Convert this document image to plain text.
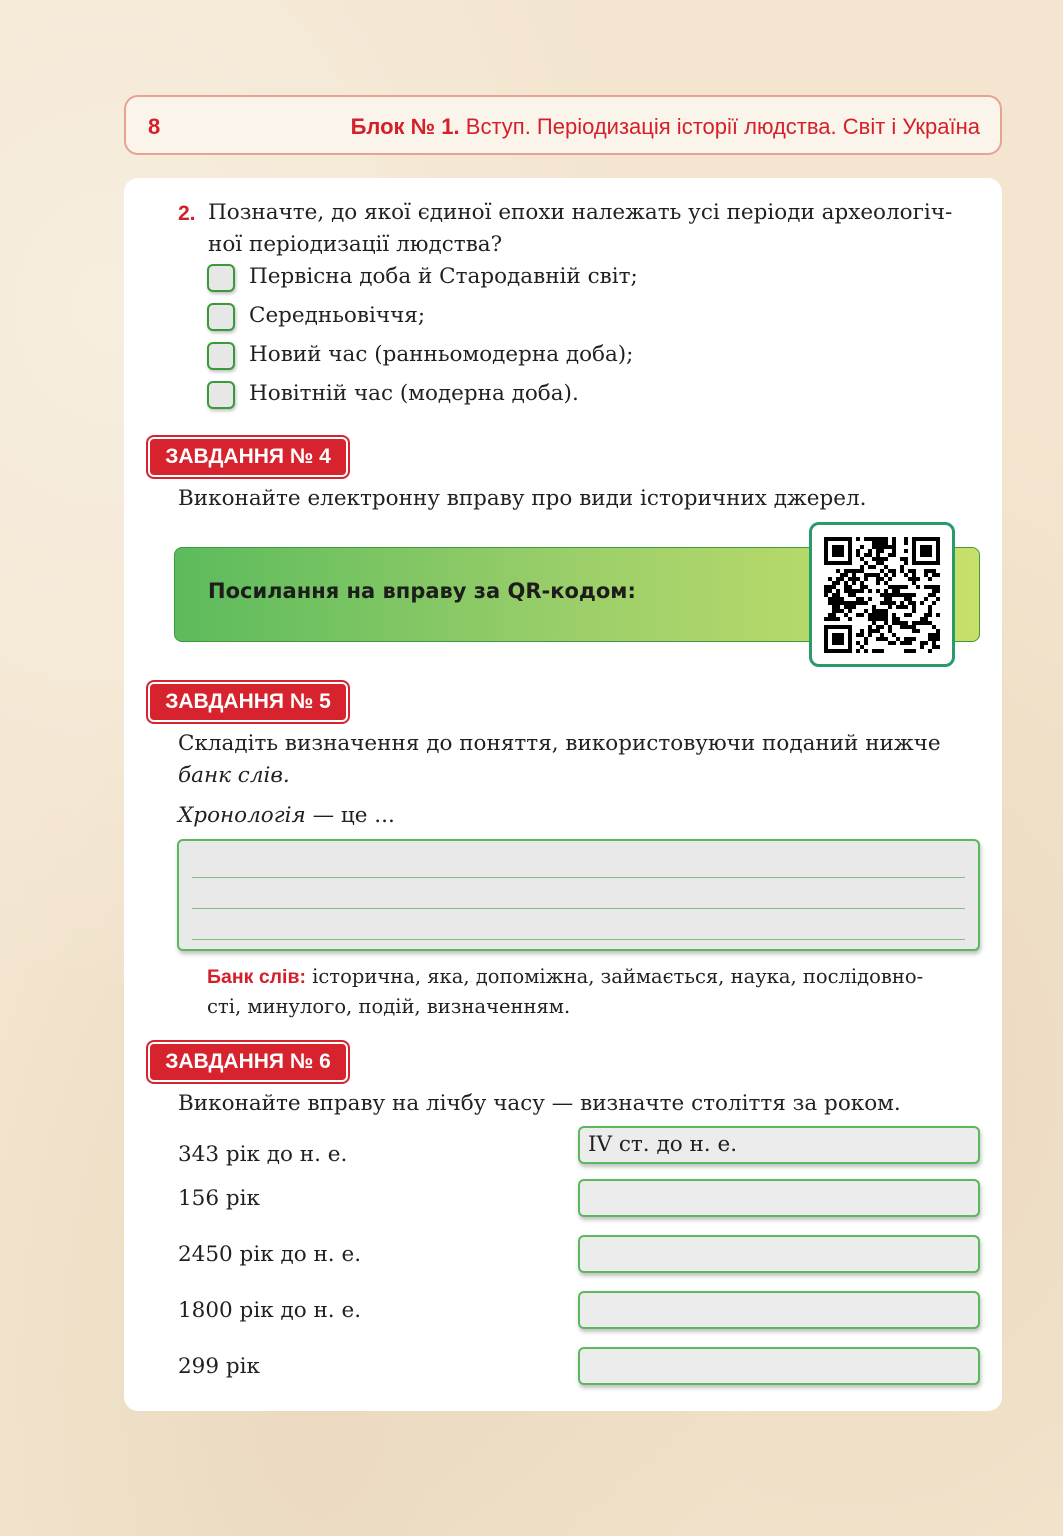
8	Блок № 1. Вступ. Періодизація історії людства. Світ і Україна
2. Позначте, до якої єдиної епохи належать усі періоди археологіч-
ної періодизації людства?
Первісна доба й Стародавній світ;
Середньовіччя;
Новий час (ранньомодерна доба);
Новітній час (модерна доба).
ЗАВДАННЯ № 4
Виконайте електронну вправу про види історичних джерел.
Посилання на вправу за QR-кодом:
ЗАВДАННЯ № 5
Складіть визначення до поняття, використовуючи поданий нижче
банк слів.
Хронологія — це ...
Банк слів: історична, яка, допоміжна, займається, наука, послідовно-
сті, минулого, подій, визначенням.
ЗАВДАННЯ № 6
Виконайте вправу на лічбу часу — визначте століття за роком.
343 рік до н. е.	IV ст. до н. е.
156 рік
2450 рік до н. е.
1800 рік до н. е.
299 рік
